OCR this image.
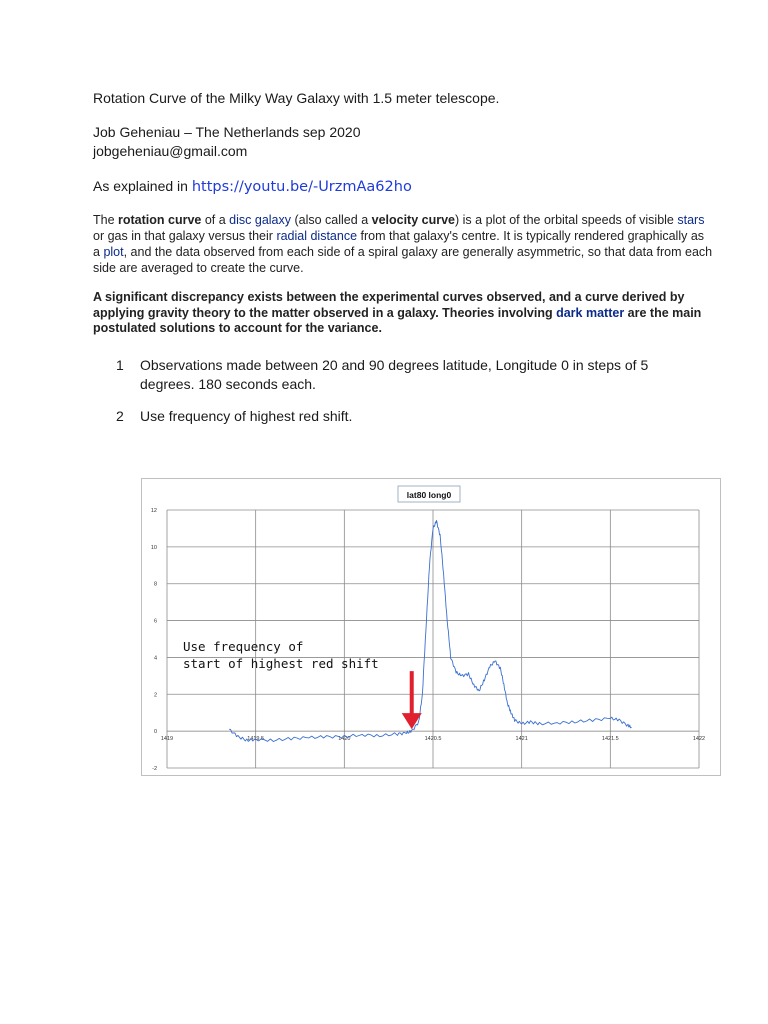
Rotation Curve of the Milky Way Galaxy with 1.5 meter telescope.
Job Geheniau – The Netherlands sep 2020
jobgeheniau@gmail.com
As explained in https://youtu.be/-UrzmAa62ho
The rotation curve of a disc galaxy (also called a velocity curve) is a plot of the orbital speeds of visible stars or gas in that galaxy versus their radial distance from that galaxy's centre. It is typically rendered graphically as a plot, and the data observed from each side of a spiral galaxy are generally asymmetric, so that data from each side are averaged to create the curve.
A significant discrepancy exists between the experimental curves observed, and a curve derived by applying gravity theory to the matter observed in a galaxy. Theories involving dark matter are the main postulated solutions to account for the variance.
1 Observations made between 20 and 90 degrees latitude, Longitude 0 in steps of 5 degrees. 180 seconds each.
2 Use frequency of highest red shift.
1419	1419.5	1420	1420.5	1421	1421.5	1422
-2
0
2
4
6
8
10
12
lat80 long0
Use frequency of
start of highest red shift
